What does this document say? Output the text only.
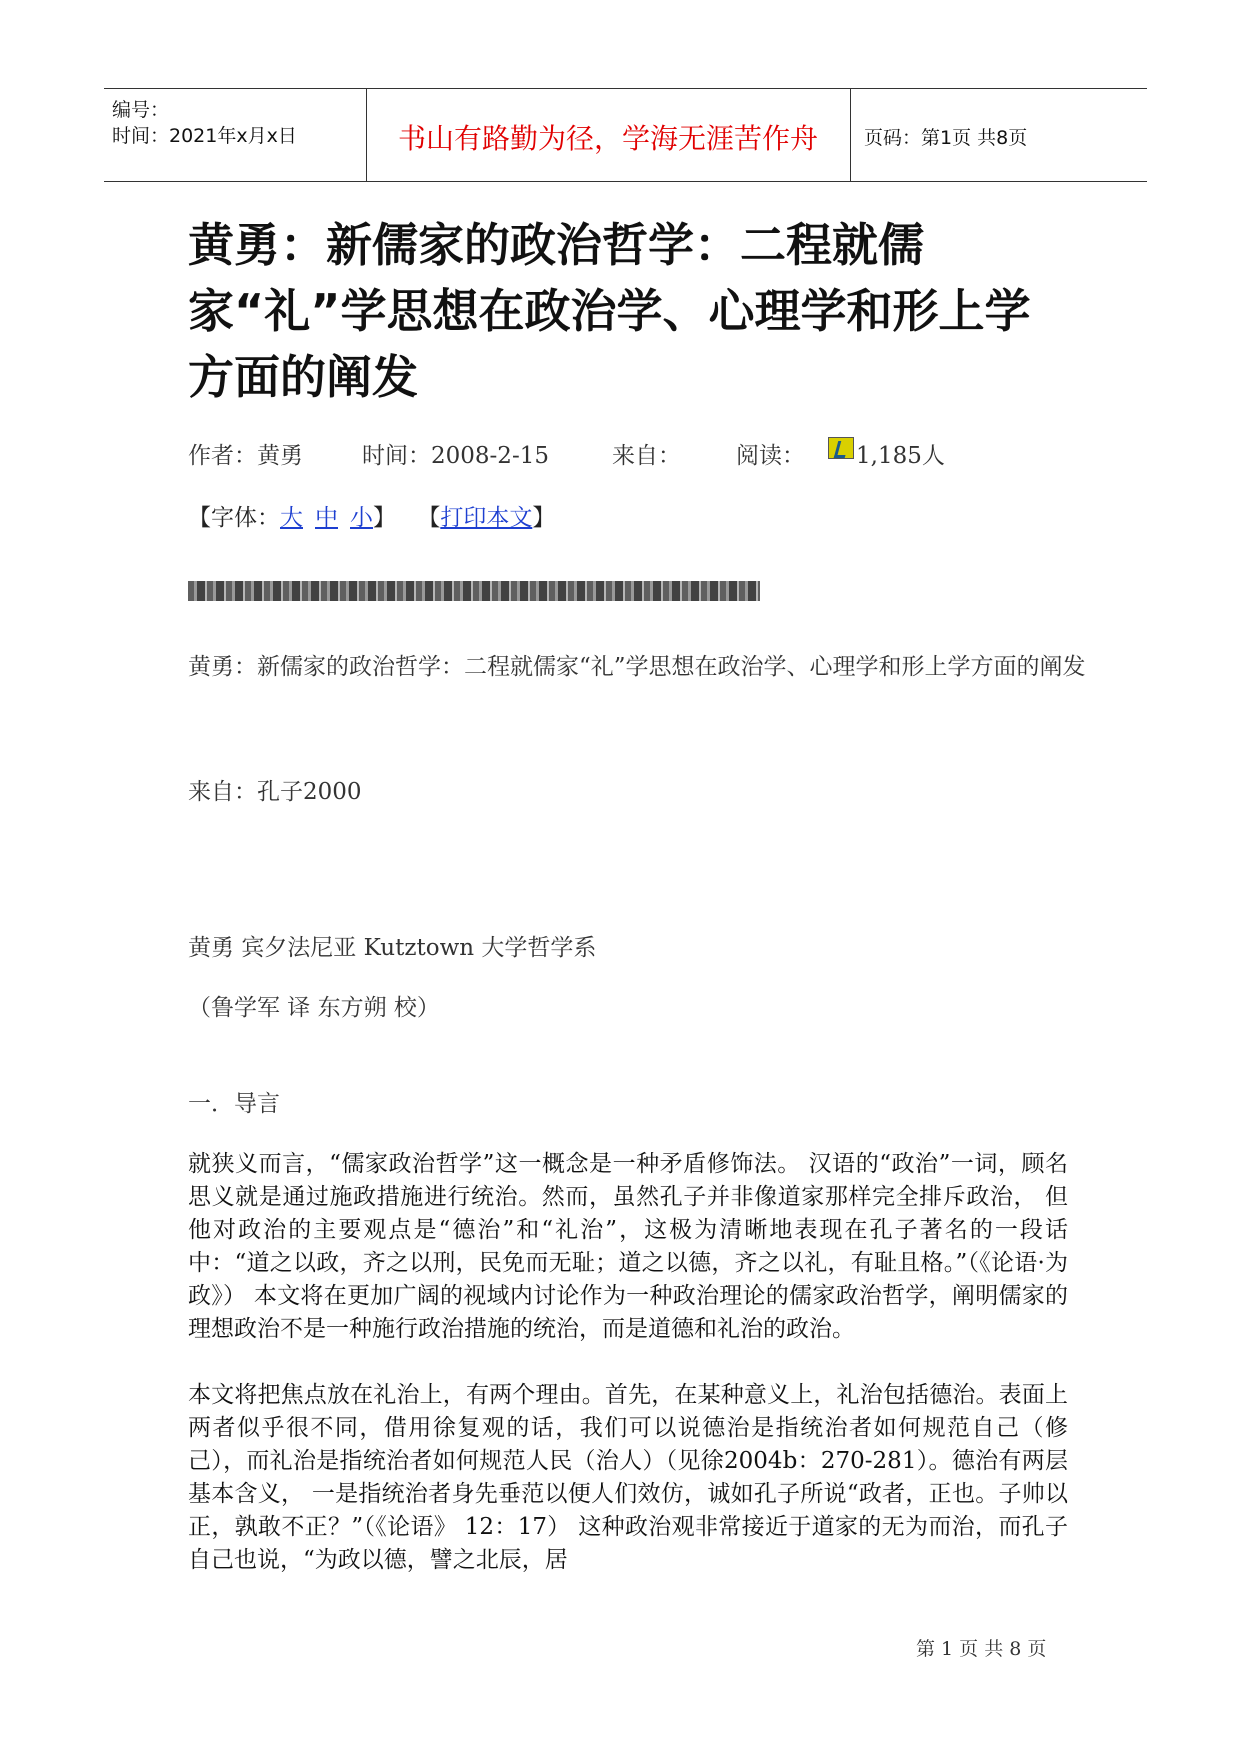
编号：
时间：2021年x月x日	书山有路勤为径，学海无涯苦作舟	页码：第1页 共8页
黄勇：新儒家的政治哲学：二程就儒家“礼”学思想在政治学、心理学和形上学方面的阐发
作者：黄勇	时间：2008-2-15	来自： 阅读： 1,185人
【字体：大 中 小】 【打印本文】

黄勇：新儒家的政治哲学：二程就儒家“礼”学思想在政治学、心理学和形上学方面的阐发

来自：孔子2000

黄勇 宾夕法尼亚 Kutztown 大学哲学系

（鲁学军 译 东方朔 校）

一．导言

就狭义而言，“儒家政治哲学”这一概念是一种矛盾修饰法。 汉语的“政治”一词，顾名思义就是通过施政措施进行统治。然而，虽然孔子并非像道家那样完全排斥政治， 但他对政治的主要观点是“德治”和“礼治”，这极为清晰地表现在孔子著名的一段话中：“道之以政，齐之以刑，民免而无耻；道之以德，齐之以礼，有耻且格。”（《论语·为政》） 本文将在更加广阔的视域内讨论作为一种政治理论的儒家政治哲学，阐明儒家的理想政治不是一种施行政治措施的统治，而是道德和礼治的政治。

本文将把焦点放在礼治上，有两个理由。首先，在某种意义上，礼治包括德治。表面上两者似乎很不同，借用徐复观的话，我们可以说德治是指统治者如何规范自己（修己），而礼治是指统治者如何规范人民（治人）（见徐2004b：270-281）。德治有两层基本含义， 一是指统治者身先垂范以便人们效仿，诚如孔子所说“政者，正也。子帅以正，孰敢不正？”（《论语》 12：17） 这种政治观非常接近于道家的无为而治，而孔子自己也说，“为政以德，譬之北辰，居

第 1 页 共 8 页
